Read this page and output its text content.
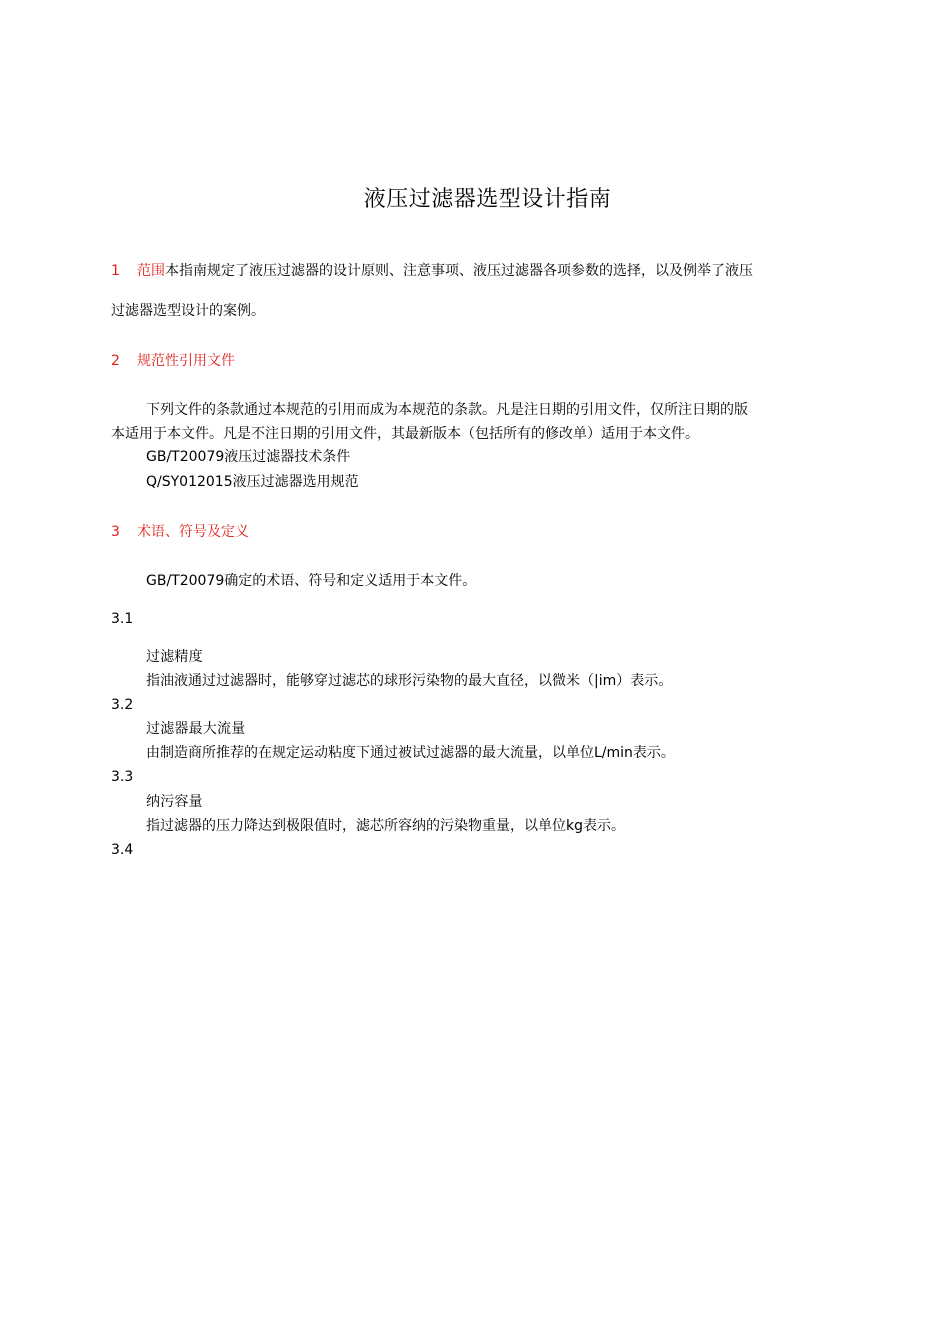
液压过滤器选型设计指南
1 范围本指南规定了液压过滤器的设计原则、注意事项、液压过滤器各项参数的选择，以及例举了液压
过滤器选型设计的案例。
2 规范性引用文件
下列文件的条款通过本规范的引用而成为本规范的条款。凡是注日期的引用文件，仅所注日期的版
本适用于本文件。凡是不注日期的引用文件，其最新版本（包括所有的修改单）适用于本文件。
GB/T20079液压过滤器技术条件
Q/SY012015液压过滤器选用规范
3 术语、符号及定义
GB/T20079确定的术语、符号和定义适用于本文件。
3.1
过滤精度
指油液通过过滤器时，能够穿过滤芯的球形污染物的最大直径，以微米（|im）表示。
3.2
过滤器最大流量
由制造商所推荐的在规定运动粘度下通过被试过滤器的最大流量，以单位L/min表示。
3.3
纳污容量
指过滤器的压力降达到极限值时，滤芯所容纳的污染物重量，以单位kg表示。
3.4
